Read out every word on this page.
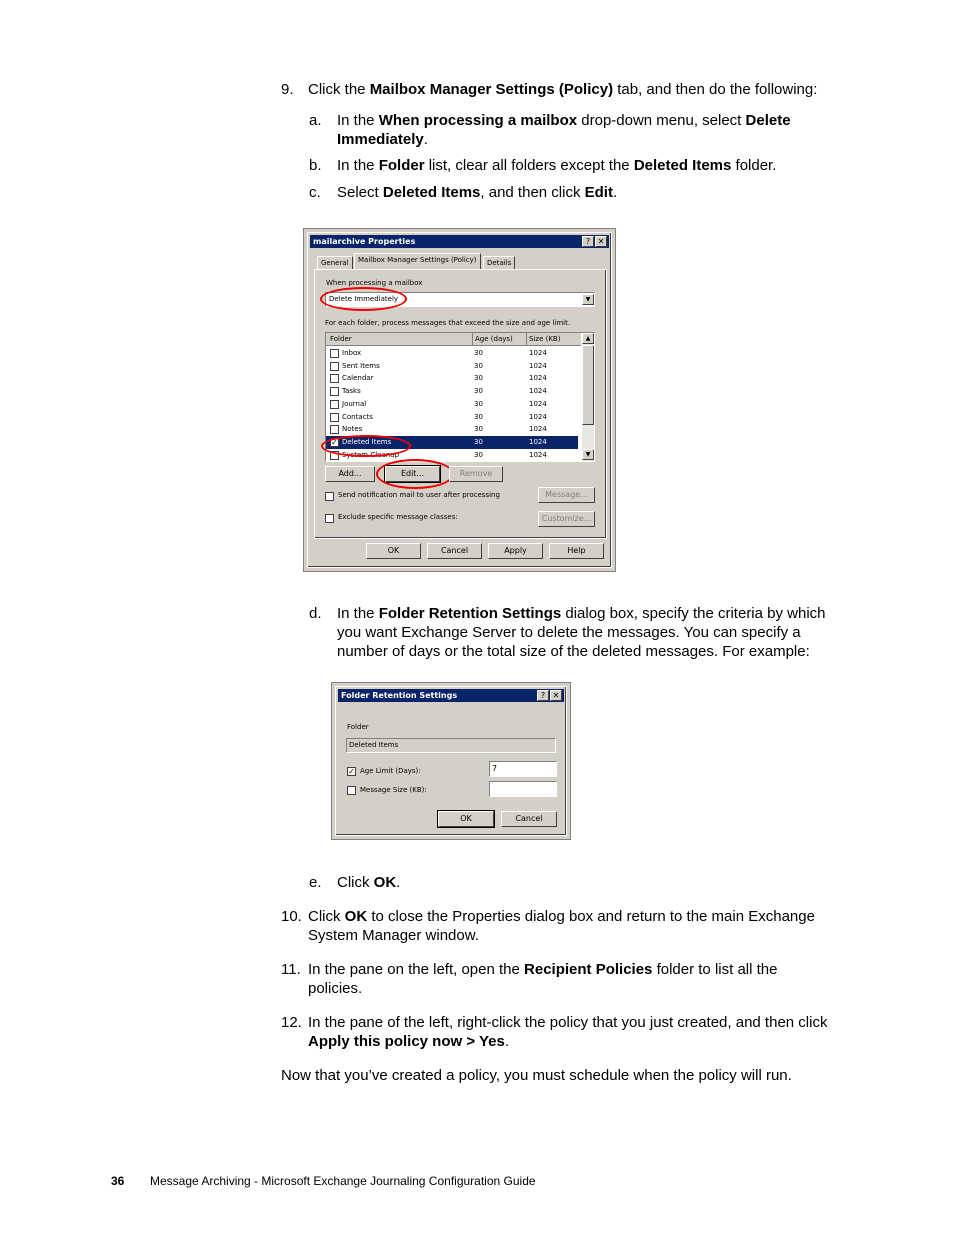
9. Click the Mailbox Manager Settings (Policy) tab, and then do the following:
a. In the When processing a mailbox drop-down menu, select Delete Immediately.
b. In the Folder list, clear all folders except the Deleted Items folder.
c. Select Deleted Items, and then click Edit.
mailarchive Properties	? ✕
General	Mailbox Manager Settings (Policy)	Details
When processing a mailbox
Delete Immediately	▼
For each folder, process messages that exceed the size and age limit.
Folder	Age (days)	Size (KB)
Inbox	30	1024
Sent Items	30	1024
Calendar	30	1024
Tasks	30	1024
Journal	30	1024
Contacts	30	1024
Notes	30	1024
✓ Deleted Items	30	1024
System Cleanup	30	1024
▲
▼
Add...	Edit...	Remove
Send notification mail to user after processing	Message...
Exclude specific message classes:	Customize...
OK	Cancel	Apply	Help
d. In the Folder Retention Settings dialog box, specify the criteria by which you want Exchange Server to delete the messages. You can specify a number of days or the total size of the deleted messages. For example:
Folder Retention Settings	? ✕
Folder
Deleted Items
✓ Age Limit (Days):	7
Message Size (KB):
OK	Cancel
e. Click OK.
10. Click OK to close the Properties dialog box and return to the main Exchange System Manager window.
11. In the pane on the left, open the Recipient Policies folder to list all the policies.
12. In the pane of the left, right-click the policy that you just created, and then click Apply this policy now > Yes.
Now that you’ve created a policy, you must schedule when the policy will run.
36 Message Archiving - Microsoft Exchange Journaling Configuration Guide
